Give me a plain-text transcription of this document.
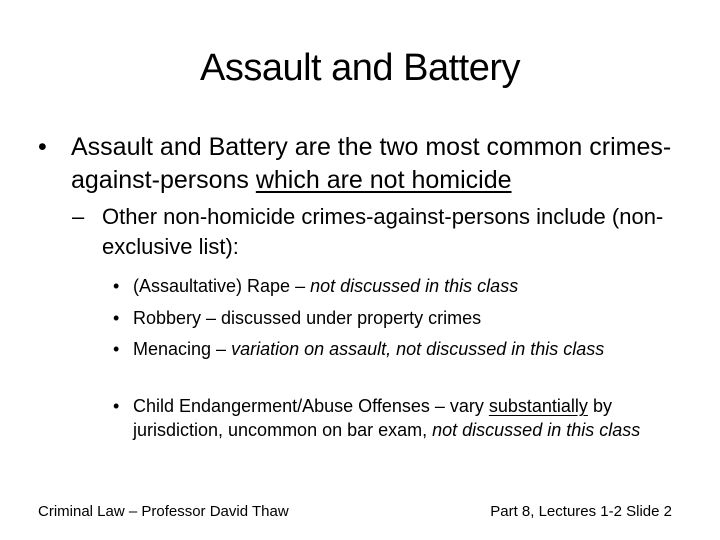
Assault and Battery
• Assault and Battery are the two most common crimes-against-persons which are not homicide
– Other non-homicide crimes-against-persons include (non-exclusive list):
• (Assaultative) Rape – not discussed in this class
• Robbery – discussed under property crimes
• Menacing – variation on assault, not discussed in this class
• Child Endangerment/Abuse Offenses – vary substantially by jurisdiction, uncommon on bar exam, not discussed in this class
Criminal Law – Professor David Thaw	Part 8, Lectures 1-2 Slide 2
